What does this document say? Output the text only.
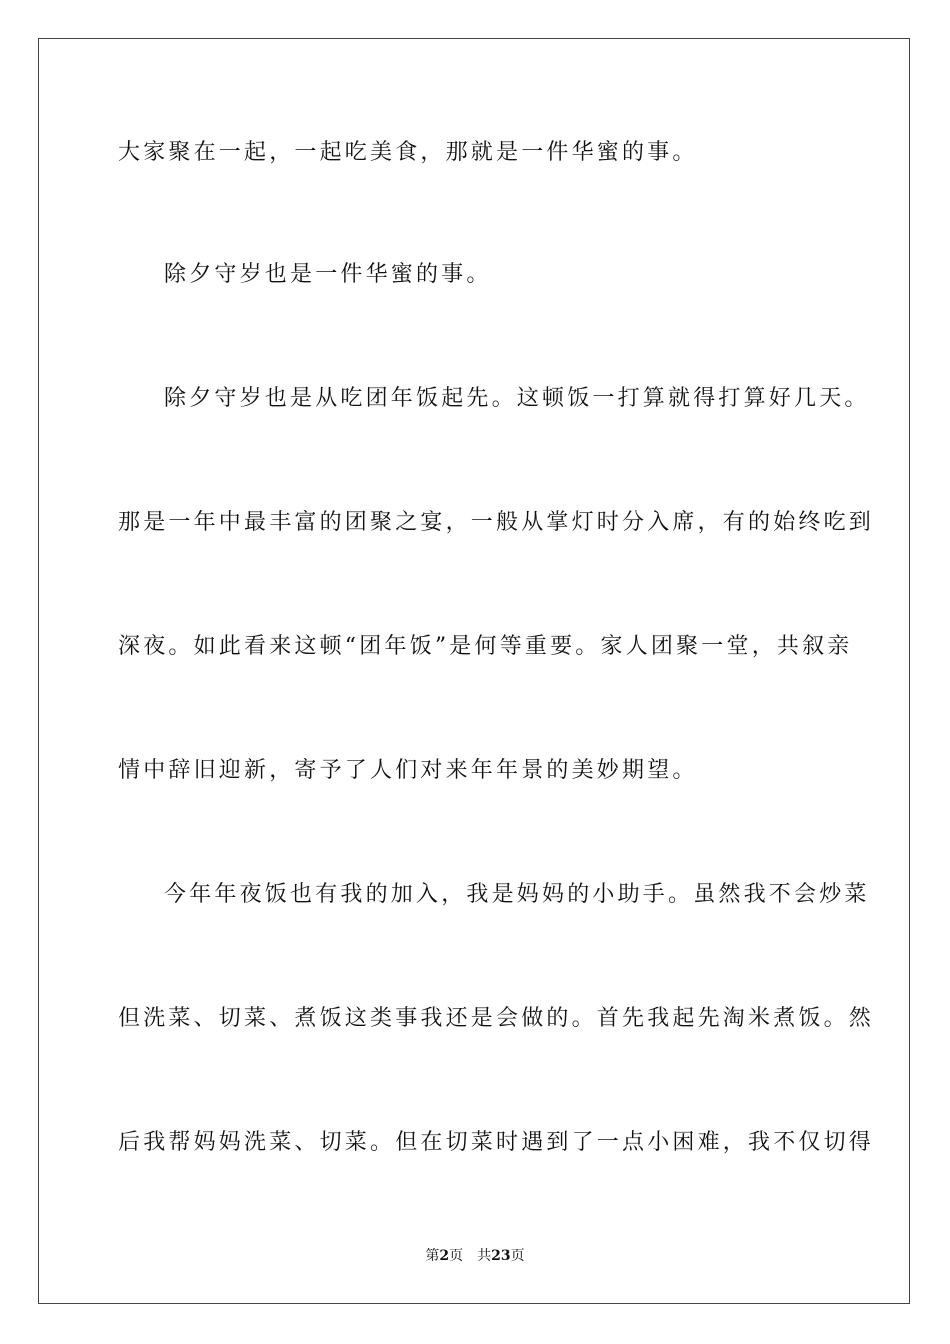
大家聚在一起，一起吃美食，那就是一件华蜜的事。
除夕守岁也是一件华蜜的事。
除夕守岁也是从吃团年饭起先。这顿饭一打算就得打算好几天。
那是一年中最丰富的团聚之宴，一般从掌灯时分入席，有的始终吃到
深夜。如此看来这顿“团年饭”是何等重要。家人团聚一堂，共叙亲
情中辞旧迎新，寄予了人们对来年年景的美妙期望。
今年年夜饭也有我的加入，我是妈妈的小助手。虽然我不会炒菜
但洗菜、切菜、煮饭这类事我还是会做的。首先我起先淘米煮饭。然
后我帮妈妈洗菜、切菜。但在切菜时遇到了一点小困难，我不仅切得
第2页 共23页
